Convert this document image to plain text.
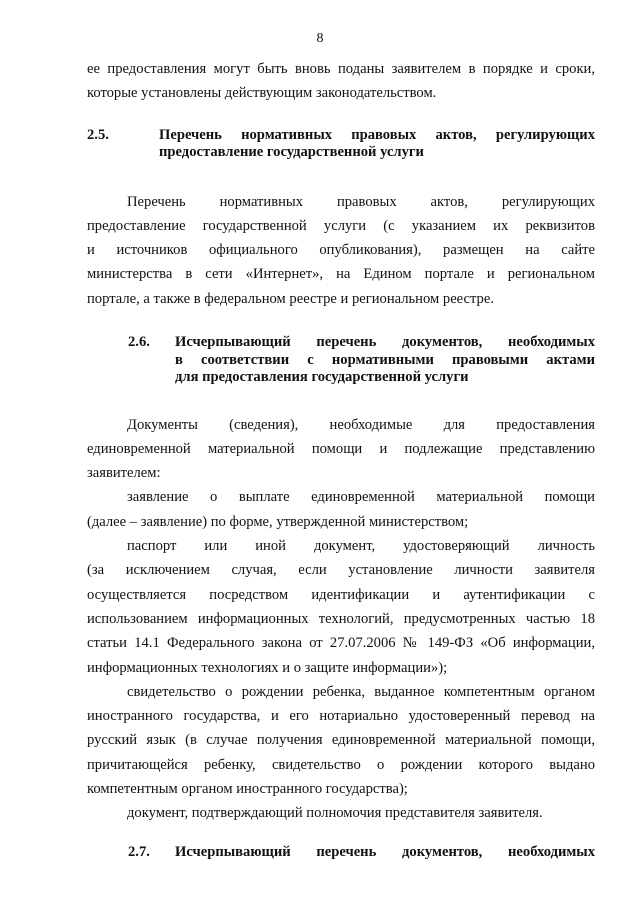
8

ее предоставления могут быть вновь поданы заявителем в порядке и сроки,

которые установлены действующим законодательством.

2.5.	Перечень нормативных правовых актов, регулирующих
предоставление государственной услуги

Перечень нормативных правовых актов, регулирующих

предоставление государственной услуги (с указанием их реквизитов

и источников официального опубликования), размещен на сайте

министерства в сети «Интернет», на Едином портале и региональном

портале, а также в федеральном реестре и региональном реестре.

2.6.	Исчерпывающий перечень документов, необходимых
в соответствии с нормативными правовыми актами
для предоставления государственной услуги

Документы (сведения), необходимые для предоставления

единовременной материальной помощи и подлежащие представлению

заявителем:

заявление о выплате единовременной материальной помощи

(далее – заявление) по форме, утвержденной министерством;

паспорт или иной документ, удостоверяющий личность

(за исключением случая, если установление личности заявителя

осуществляется посредством идентификации и аутентификации с

использованием информационных технологий, предусмотренных частью 18

статьи 14.1 Федерального закона от 27.07.2006 № 149-ФЗ «Об информации,

информационных технологиях и о защите информации»);

свидетельство о рождении ребенка, выданное компетентным органом

иностранного государства, и его нотариально удостоверенный перевод на

русский язык (в случае получения единовременной материальной помощи,

причитающейся ребенку, свидетельство о рождении которого выдано

компетентным органом иностранного государства);

документ, подтверждающий полномочия представителя заявителя.

2.7.	Исчерпывающий перечень документов, необходимых
